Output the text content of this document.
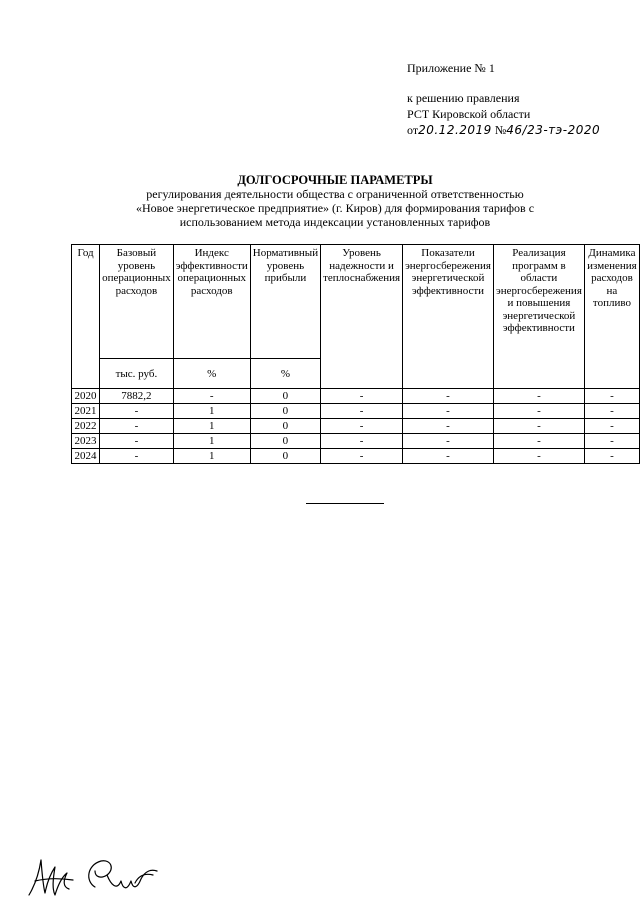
Приложение № 1
к решению правления
РСТ Кировской области
от20.12.2019 №46/23-тэ-2020
ДОЛГОСРОЧНЫЕ ПАРАМЕТРЫ
регулирования деятельности общества с ограниченной ответственностью
«Новое энергетическое предприятие» (г. Киров) для формирования тарифов с
использованием метода индексации установленных тарифов
Год	Базовый уровень операционных расходов	Индекс эффективности операционных расходов	Нормативный уровень прибыли	Уровень надежности и теплоснабжения	Показатели энергосбережения энергетической эффективности	Реализация программ в области энергосбережения и повышения энергетической эффективности	Динамика изменения расходов на топливо
	тыс. руб.	%	%				
2020	7882,2	-	0	-	-	-	-
2021	-	1	0	-	-	-	-
2022	-	1	0	-	-	-	-
2023	-	1	0	-	-	-	-
2024	-	1	0	-	-	-	-
